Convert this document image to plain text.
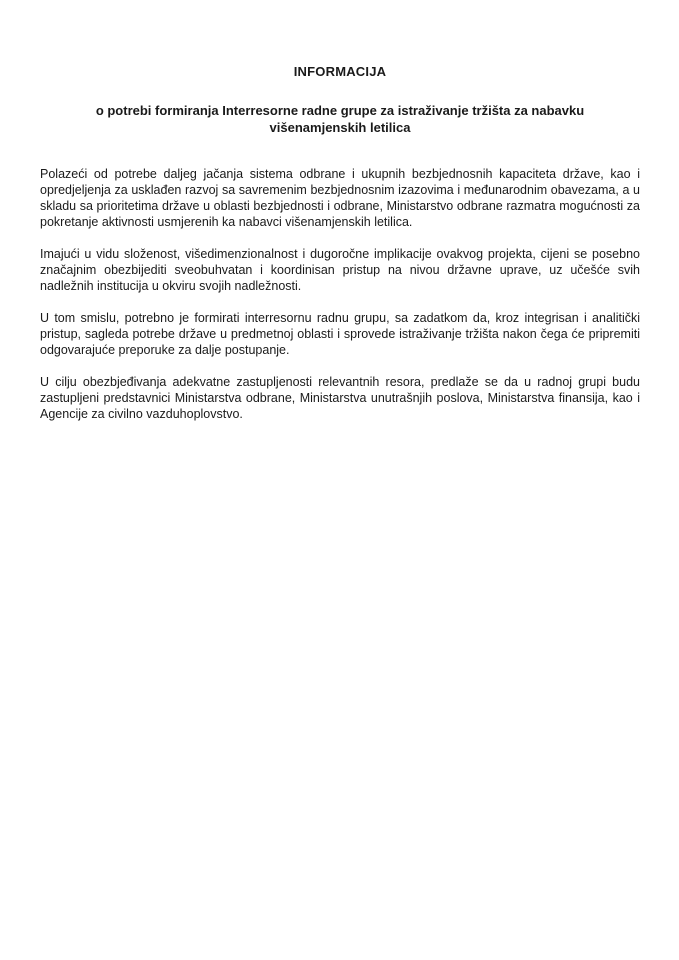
INFORMACIJA
o potrebi formiranja Interresorne radne grupe za istraživanje tržišta za nabavku višenamjenskih letilica

Polazeći od potrebe daljeg jačanja sistema odbrane i ukupnih bezbjednosnih kapaciteta države, kao i opredjeljenja za usklađen razvoj sa savremenim bezbjednosnim izazovima i međunarodnim obavezama, a u skladu sa prioritetima države u oblasti bezbjednosti i odbrane, Ministarstvo odbrane razmatra mogućnosti za pokretanje aktivnosti usmjerenih ka nabavci višenamjenskih letilica.

Imajući u vidu složenost, višedimenzionalnost i dugoročne implikacije ovakvog projekta, cijeni se posebno značajnim obezbijediti sveobuhvatan i koordinisan pristup na nivou državne uprave, uz učešće svih nadležnih institucija u okviru svojih nadležnosti.

U tom smislu, potrebno je formirati interresornu radnu grupu, sa zadatkom da, kroz integrisan i analitički pristup, sagleda potrebe države u predmetnoj oblasti i sprovede istraživanje tržišta nakon čega će pripremiti odgovarajuće preporuke za dalje postupanje.

U cilju obezbjeđivanja adekvatne zastupljenosti relevantnih resora, predlaže se da u radnoj grupi budu zastupljeni predstavnici Ministarstva odbrane, Ministarstva unutrašnjih poslova, Ministarstva finansija, kao i Agencije za civilno vazduhoplovstvo.
